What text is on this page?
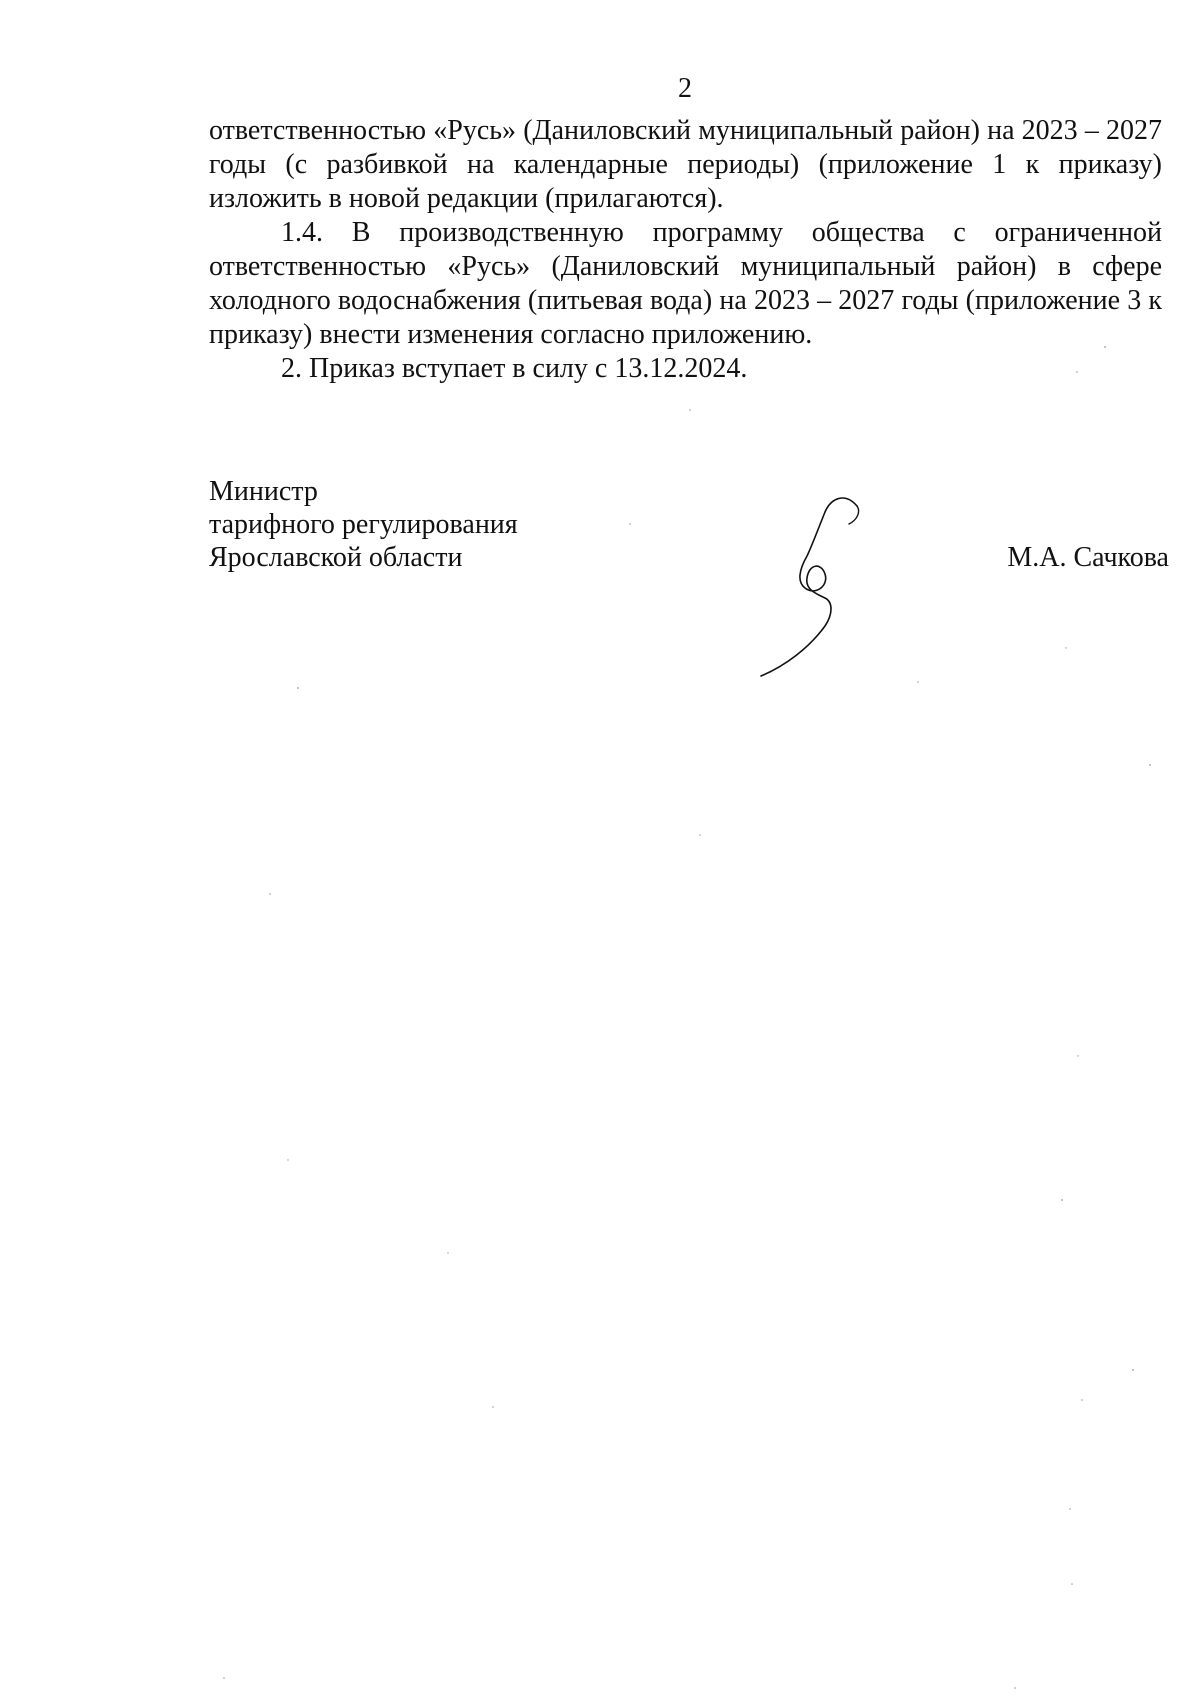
2

ответственностью «Русь» (Даниловский муниципальный район) на 2023 – 2027 годы (с разбивкой на календарные периоды) (приложение 1 к приказу) изложить в новой редакции (прилагаются).

1.4. В производственную программу общества с ограниченной ответственностью «Русь» (Даниловский муниципальный район) в сфере холодного водоснабжения (питьевая вода) на 2023 – 2027 годы (приложение 3 к приказу) внести изменения согласно приложению.

2. Приказ вступает в силу с 13.12.2024.

Министр
тарифного регулирования
Ярославской области	М.А. Сачкова
